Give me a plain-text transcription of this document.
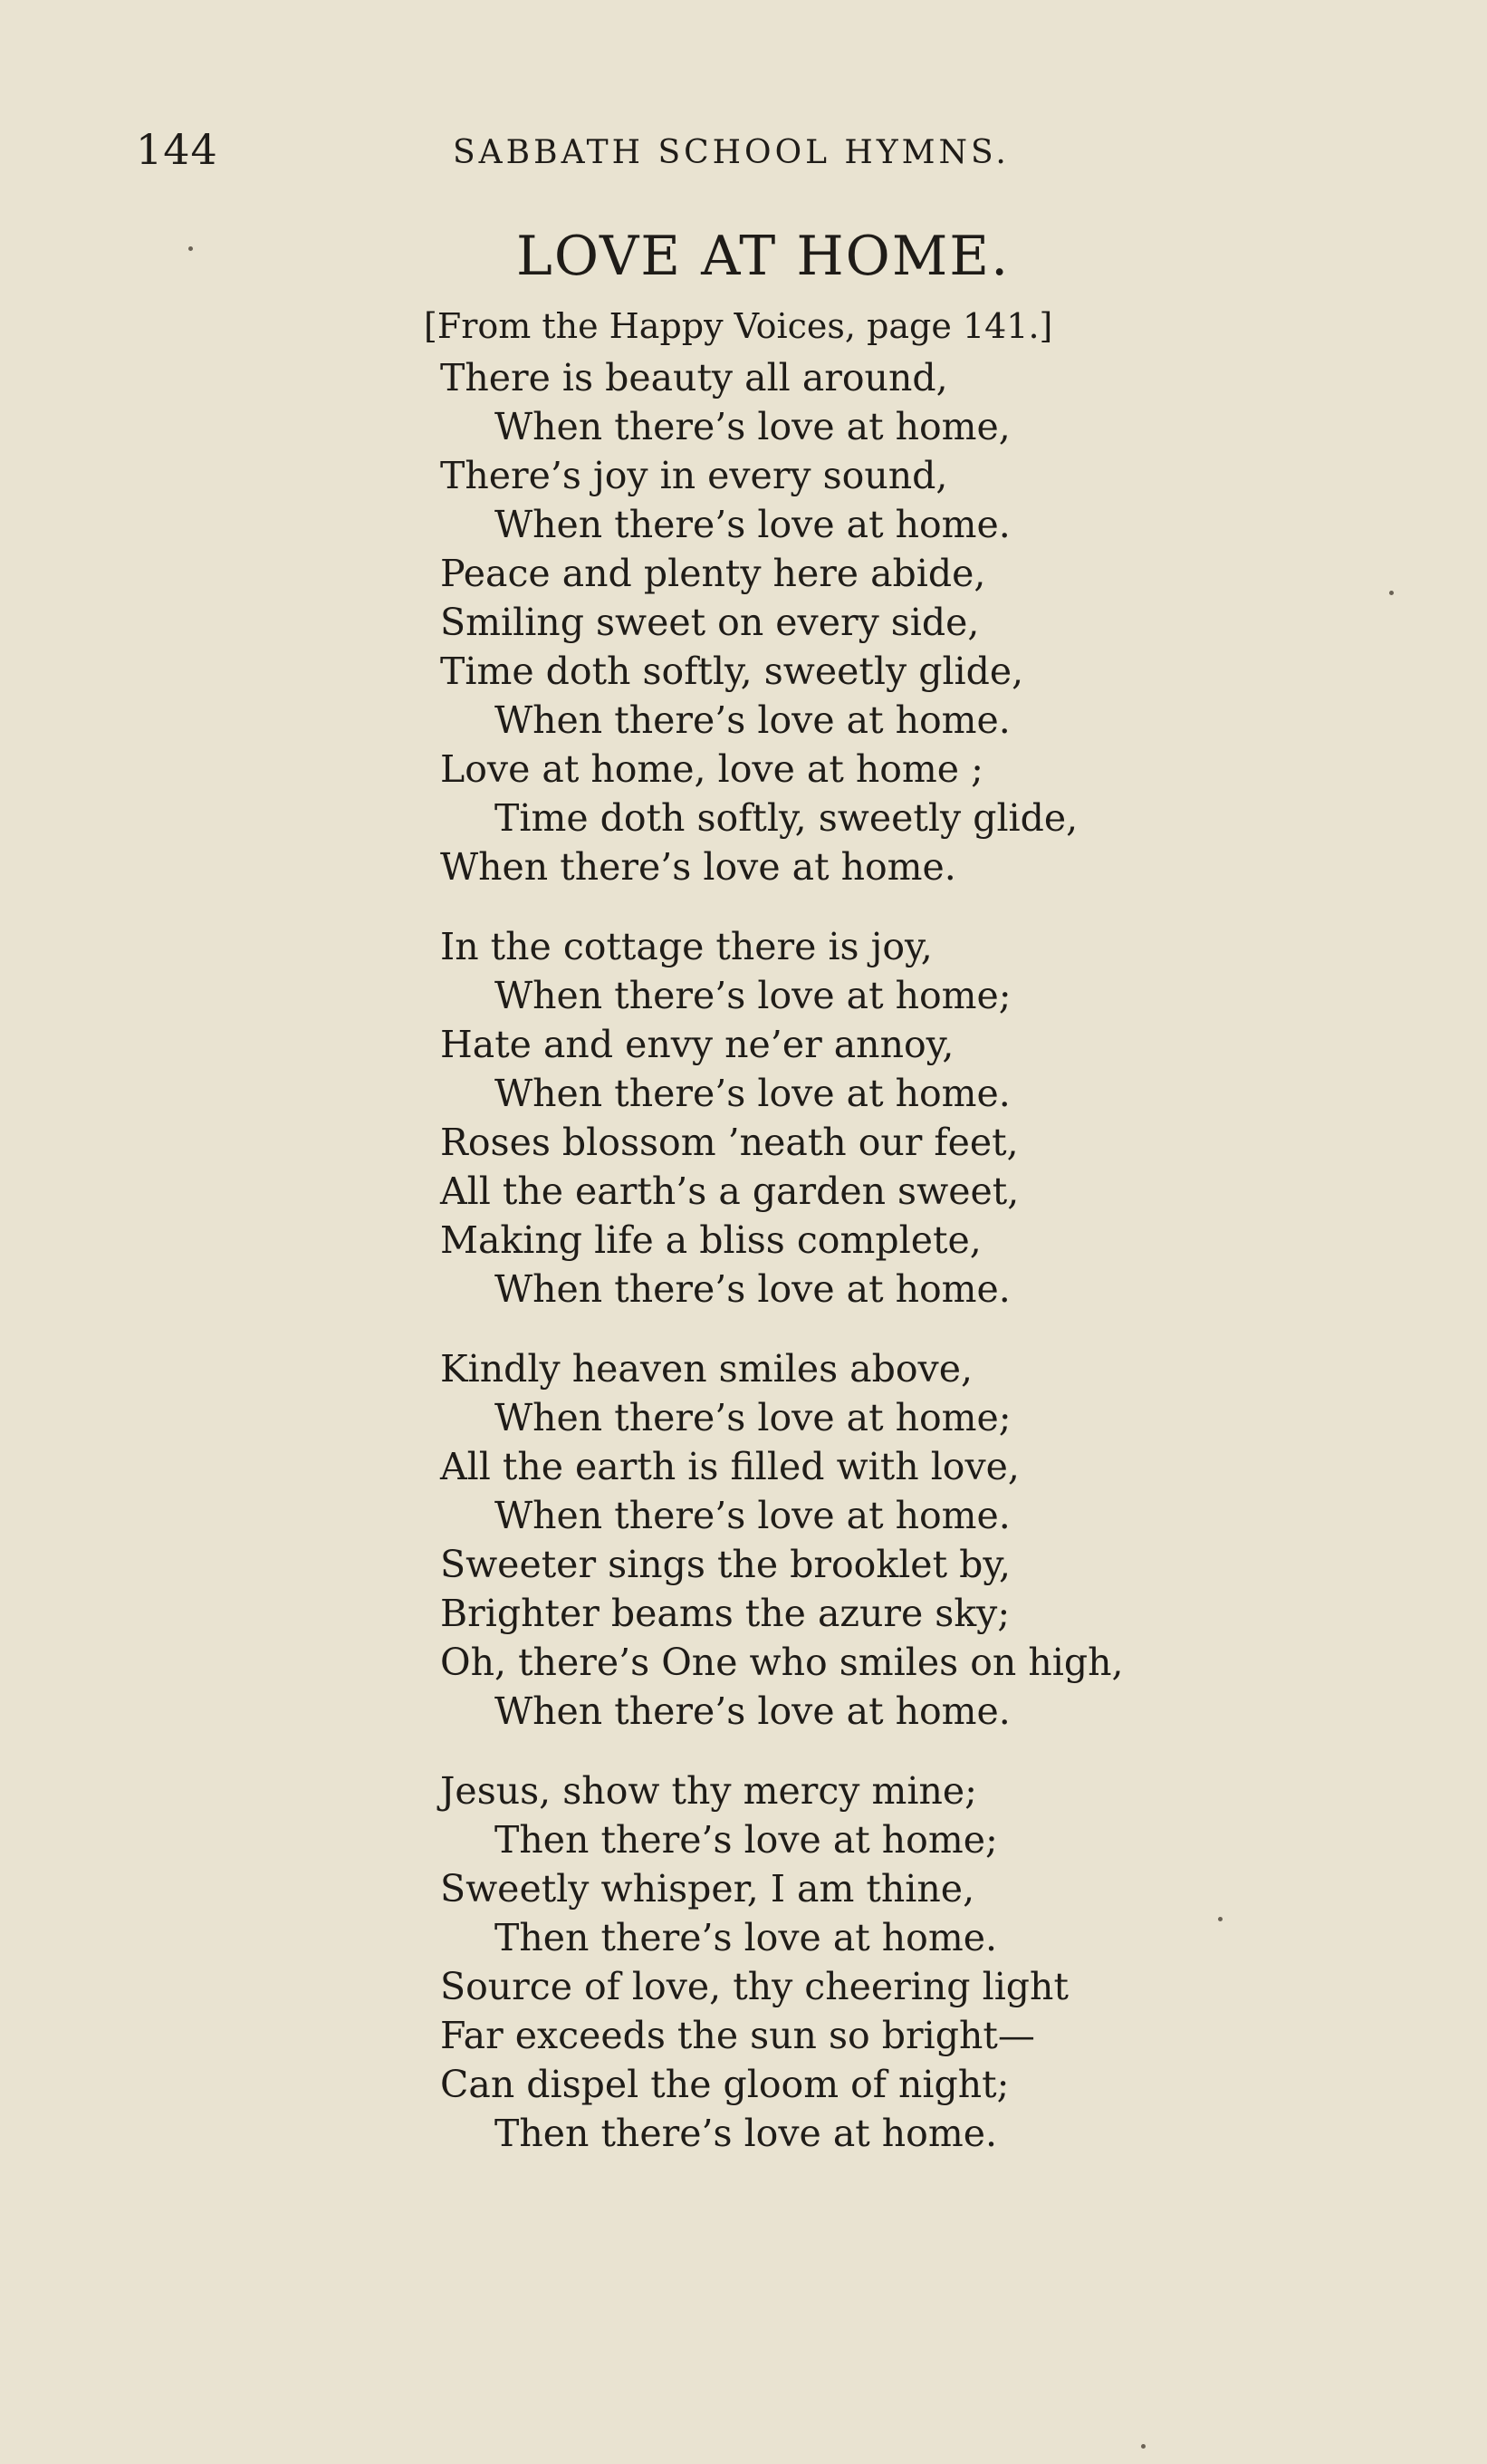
144	SABBATH SCHOOL HYMNS.
LOVE AT HOME.
[From the Happy Voices, page 141.]
There is beauty all around,
When there’s love at home,
There’s joy in every sound,
When there’s love at home.
Peace and plenty here abide,
Smiling sweet on every side,
Time doth softly, sweetly glide,
When there’s love at home.
Love at home, love at home ;
Time doth softly, sweetly glide,
When there’s love at home.
In the cottage there is joy,
When there’s love at home;
Hate and envy ne’er annoy,
When there’s love at home.
Roses blossom ’neath our feet,
All the earth’s a garden sweet,
Making life a bliss complete,
When there’s love at home.
Kindly heaven smiles above,
When there’s love at home;
All the earth is filled with love,
When there’s love at home.
Sweeter sings the brooklet by,
Brighter beams the azure sky;
Oh, there’s One who smiles on high,
When there’s love at home.
Jesus, show thy mercy mine;
Then there’s love at home;
Sweetly whisper, I am thine,
Then there’s love at home.
Source of love, thy cheering light
Far exceeds the sun so bright—
Can dispel the gloom of night;
Then there’s love at home.
